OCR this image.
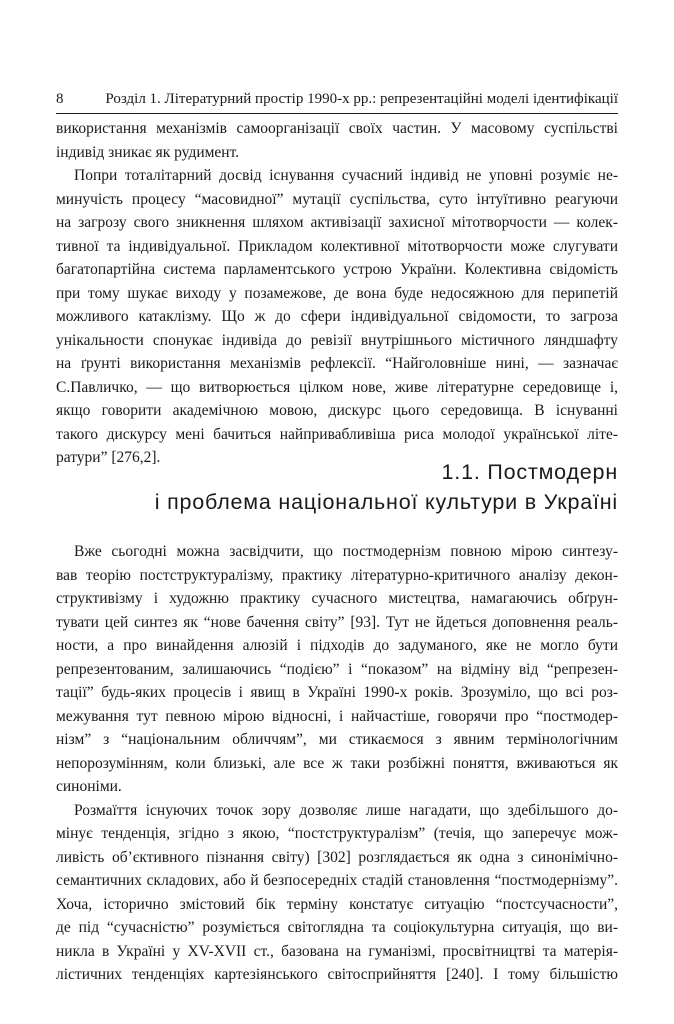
8	Розділ 1. Літературний простір 1990-х рр.: репрезентаційні моделі ідентифікації
використання механізмів самоорганізації своїх частин. У масовому суспільстві
індивід зникає як рудимент.
Попри тоталітарний досвід існування сучасний індивід не уповні розуміє не-
минучість процесу “масовидної” мутації суспільства, суто інтуїтивно реагуючи
на загрозу свого зникнення шляхом активізації захисної мітотворчости — колек-
тивної та індивідуальної. Прикладом колективної мітотворчости може слугувати
багатопартійна система парламентського устрою України. Колективна свідомість
при тому шукає виходу у позамежове, де вона буде недосяжною для перипетій
можливого катаклізму. Що ж до сфери індивідуальної свідомости, то загроза
унікальности спонукає індивіда до ревізії внутрішнього містичного ляндшафту
на ґрунті використання механізмів рефлексії. “Найголовніше нині, — зазначає
С.Павличко, — що витворюється цілком нове, живе літературне середовище і,
якщо говорити академічною мовою, дискурс цього середовища. В існуванні
такого дискурсу мені бачиться найпривабливіша риса молодої української літе-
ратури” [276,2].
1.1. Постмодерн
і проблема національної культури в Україні
Вже сьогодні можна засвідчити, що постмодернізм повною мірою синтезу-
вав теорію постструктуралізму, практику літературно-критичного аналізу декон-
структивізму і художню практику сучасного мистецтва, намагаючись обґрун-
тувати цей синтез як “нове бачення світу” [93]. Тут не йдеться доповнення реаль-
ности, а про винайдення алюзій і підходів до задуманого, яке не могло бути
репрезентованим, залишаючись “подією” і “показом” на відміну від “репрезен-
тації” будь-яких процесів і явищ в Україні 1990-х років. Зрозуміло, що всі роз-
межування тут певною мірою відносні, і найчастіше, говорячи про “постмодер-
нізм” з “національним обличчям”, ми стикаємося з явним термінологічним
непорозумінням, коли близькі, але все ж таки розбіжні поняття, вживаються як
синоніми.
Розмаїття існуючих точок зору дозволяє лише нагадати, що здебільшого до-
мінує тенденція, згідно з якою, “постструктуралізм” (течія, що заперечує мож-
ливість об’єктивного пізнання світу) [302] розглядається як одна з синонімічно-
семантичних складових, або й безпосередніх стадій становлення “постмодернізму”.
Хоча, історично змістовий бік терміну констатує ситуацію “постсучасности”,
де під “сучасністю” розуміється світоглядна та соціокультурна ситуація, що ви-
никла в Україні у XV-XVII ст., базована на гуманізмі, просвітництві та матерія-
лістичних тенденціях картезіянського світосприйняття [240]. І тому більшістю
